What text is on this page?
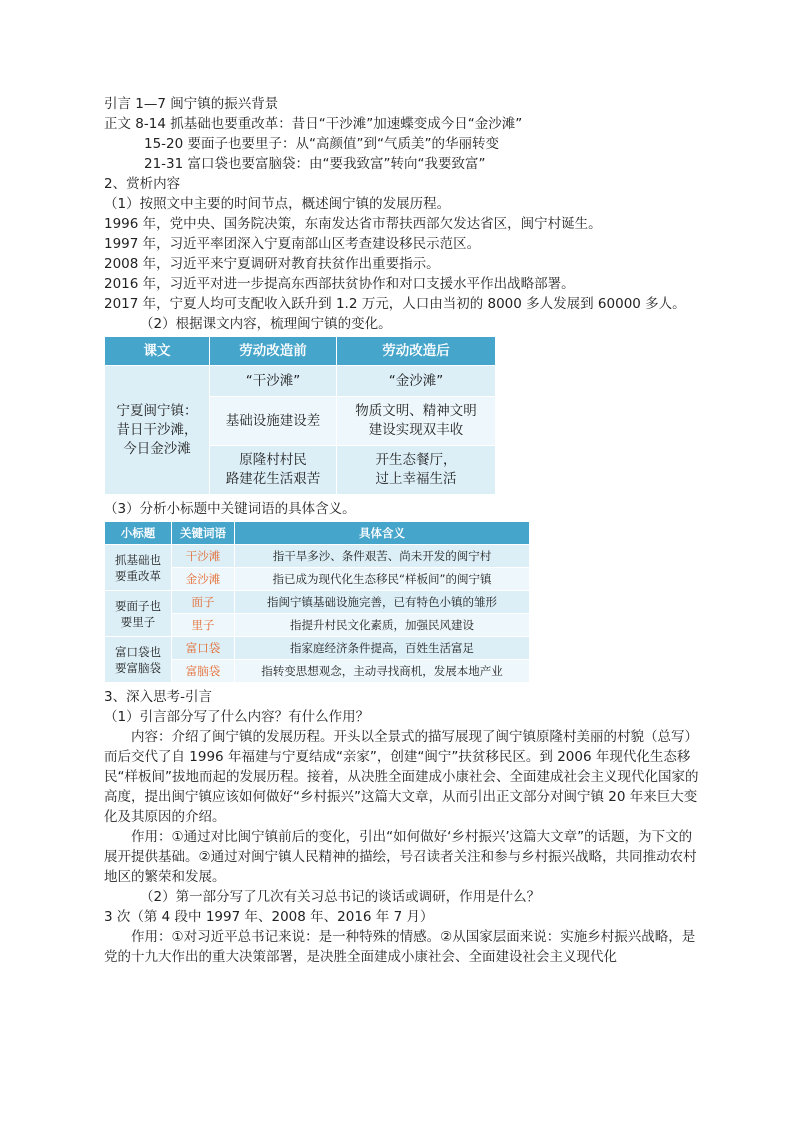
引言 1—7 闽宁镇的振兴背景
正文 8-14 抓基础也要重改革：昔日“干沙滩”加速蝶变成今日“金沙滩”
15-20 要面子也要里子：从“高颜值”到“气质美”的华丽转变
21-31 富口袋也要富脑袋：由“要我致富”转向“我要致富”
2、赏析内容
（1）按照文中主要的时间节点，概述闽宁镇的发展历程。
1996 年，党中央、国务院决策，东南发达省市帮扶西部欠发达省区，闽宁村诞生。
1997 年，习近平率团深入宁夏南部山区考查建设移民示范区。
2008 年，习近平来宁夏调研对教育扶贫作出重要指示。
2016 年，习近平对进一步提高东西部扶贫协作和对口支援水平作出战略部署。
2017 年，宁夏人均可支配收入跃升到 1.2 万元，人口由当初的 8000 多人发展到 60000 多人。
（2）根据课文内容，梳理闽宁镇的变化。
课文	劳动改造前	劳动改造后
宁夏闽宁镇：
昔日干沙滩，
今日金沙滩	“干沙滩”	“金沙滩”
	基础设施建设差	物质文明、精神文明
建设实现双丰收
	原隆村村民
路建花生活艰苦	开生态餐厅，
过上幸福生活
（3）分析小标题中关键词语的具体含义。
小标题	关键词语	具体含义
抓基础也
要重改革	干沙滩	指干旱多沙、条件艰苦、尚未开发的闽宁村
	金沙滩	指已成为现代化生态移民“样板间”的闽宁镇
要面子也
要里子	面子	指闽宁镇基础设施完善，已有特色小镇的雏形
	里子	指提升村民文化素质，加强民风建设
富口袋也
要富脑袋	富口袋	指家庭经济条件提高，百姓生活富足
	富脑袋	指转变思想观念，主动寻找商机，发展本地产业
3、深入思考-引言
（1）引言部分写了什么内容？有什么作用？
内容：介绍了闽宁镇的发展历程。开头以全景式的描写展现了闽宁镇原隆村美丽的村貌（总写）而后交代了自 1996 年福建与宁夏结成“亲家”，创建“闽宁”扶贫移民区。到 2006 年现代化生态移民“样板间”拔地而起的发展历程。接着，从决胜全面建成小康社会、全面建成社会主义现代化国家的高度，提出闽宁镇应该如何做好“乡村振兴”这篇大文章，从而引出正文部分对闽宁镇 20 年来巨大变化及其原因的介绍。
作用：①通过对比闽宁镇前后的变化，引出“如何做好‘乡村振兴’这篇大文章”的话题，为下文的展开提供基础。②通过对闽宁镇人民精神的描绘，号召读者关注和参与乡村振兴战略，共同推动农村地区的繁荣和发展。
（2）第一部分写了几次有关习总书记的谈话或调研，作用是什么？
3 次（第 4 段中 1997 年、2008 年、2016 年 7 月）
作用：①对习近平总书记来说：是一种特殊的情感。②从国家层面来说：实施乡村振兴战略，是党的十九大作出的重大决策部署，是决胜全面建成小康社会、全面建设社会主义现代化
